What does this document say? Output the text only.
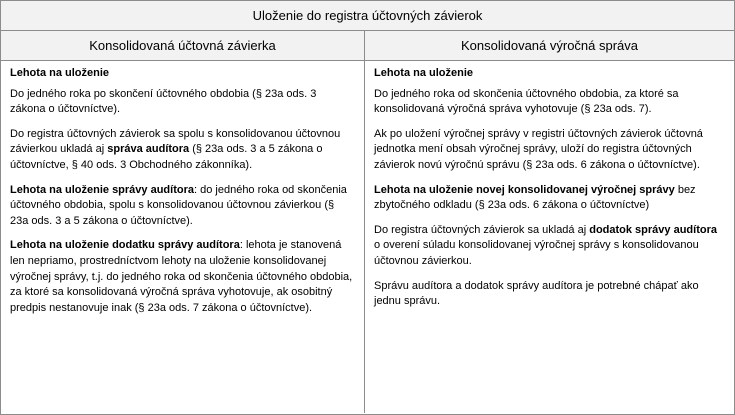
Uloženie do registra účtovných závierok
Konsolidovaná účtovná závierka	Konsolidovaná výročná správa

Lehota na uloženie

Do jedného roka po skončení účtovného obdobia (§ 23a ods. 3 zákona o účtovníctve).

Do registra účtovných závierok sa spolu s konsolidovanou účtovnou závierkou ukladá aj správa audítora (§ 23a ods. 3 a 5 zákona o účtovníctve, § 40 ods. 3 Obchodného zákonníka).

Lehota na uloženie správy audítora: do jedného roka od skončenia účtovného obdobia, spolu s konsolidovanou účtovnou závierkou (§ 23a ods. 3 a 5 zákona o účtovníctve).

Lehota na uloženie dodatku správy audítora: lehota je stanovená len nepriamo, prostredníctvom lehoty na uloženie konsolidovanej výročnej správy, t.j. do jedného roka od skončenia účtovného obdobia, za ktoré sa konsolidovaná výročná správa vyhotovuje, ak osobitný predpis nestanovuje inak (§ 23a ods. 7 zákona o účtovníctve).

Lehota na uloženie

Do jedného roka od skončenia účtovného obdobia, za ktoré sa konsolidovaná výročná správa vyhotovuje (§ 23a ods. 7).

Ak po uložení výročnej správy v registri účtovných závierok účtovná jednotka mení obsah výročnej správy, uloží do registra účtovných závierok novú výročnú správu (§ 23a ods. 6 zákona o účtovníctve).

Lehota na uloženie novej konsolidovanej výročnej správy bez zbytočného odkladu (§ 23a ods. 6 zákona o účtovníctve)

Do registra účtovných závierok sa ukladá aj dodatok správy audítora o overení súladu konsolidovanej výročnej správy s konsolidovanou účtovnou závierkou.

Správu audítora a dodatok správy audítora je potrebné chápať ako jednu správu.
